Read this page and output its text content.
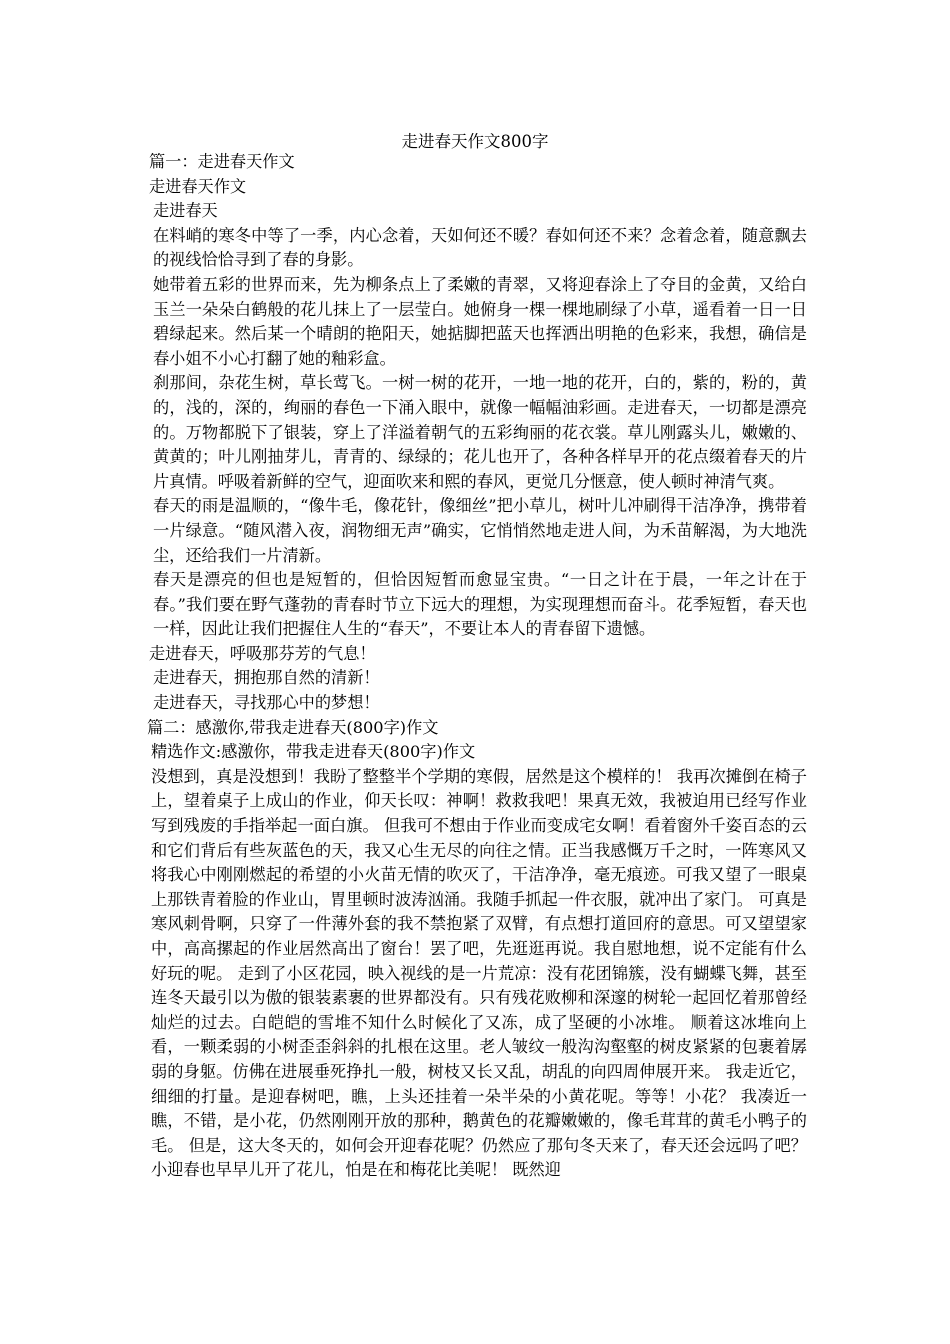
走进春天作文800字

篇一：走进春天作文

走进春天作文

走进春天

在料峭的寒冬中等了一季，内心念着，天如何还不暖？春如何还不来？念着念着，随意飘去的视线恰恰寻到了春的身影。

她带着五彩的世界而来，先为柳条点上了柔嫩的青翠，又将迎春涂上了夺目的金黄，又给白玉兰一朵朵白鹤般的花儿抹上了一层莹白。她俯身一棵一棵地刷绿了小草，遥看着一日一日碧绿起来。然后某一个晴朗的艳阳天，她掂脚把蓝天也挥洒出明艳的色彩来，我想，确信是春小姐不小心打翻了她的釉彩盒。

刹那间，杂花生树，草长莺飞。一树一树的花开，一地一地的花开，白的，紫的，粉的，黄的，浅的，深的，绚丽的春色一下涌入眼中，就像一幅幅油彩画。走进春天，一切都是漂亮的。万物都脱下了银装，穿上了洋溢着朝气的五彩绚丽的花衣裳。草儿刚露头儿，嫩嫩的、黄黄的；叶儿刚抽芽儿，青青的、绿绿的；花儿也开了，各种各样早开的花点缀着春天的片片真情。呼吸着新鲜的空气，迎面吹来和熙的春风，更觉几分惬意，使人顿时神清气爽。

春天的雨是温顺的，“像牛毛，像花针，像细丝”把小草儿，树叶儿冲刷得干洁净净，携带着一片绿意。“随风潜入夜，润物细无声”确实，它悄悄然地走进人间，为禾苗解渴，为大地洗尘，还给我们一片清新。

春天是漂亮的但也是短暂的，但恰因短暂而愈显宝贵。“一日之计在于晨，一年之计在于春。”我们要在野气蓬勃的青春时节立下远大的理想，为实现理想而奋斗。花季短暂，春天也一样，因此让我们把握住人生的“春天”，不要让本人的青春留下遗憾。

走进春天，呼吸那芬芳的气息！

走进春天，拥抱那自然的清新！

走进春天，寻找那心中的梦想！

篇二：感激你,带我走进春天(800字)作文

精选作文:感激你，带我走进春天(800字)作文

没想到，真是没想到！我盼了整整半个学期的寒假，居然是这个模样的！ 我再次摊倒在椅子上，望着桌子上成山的作业，仰天长叹：神啊！救救我吧！果真无效，我被迫用已经写作业写到残废的手指举起一面白旗。 但我可不想由于作业而变成宅女啊！看着窗外千姿百态的云和它们背后有些灰蓝色的天，我又心生无尽的向往之情。正当我感慨万千之时，一阵寒风又将我心中刚刚燃起的希望的小火苗无情的吹灭了，干洁净净，毫无痕迹。可我又望了一眼桌上那铁青着脸的作业山，胃里顿时波涛汹涌。我随手抓起一件衣服，就冲出了家门。 可真是寒风刺骨啊，只穿了一件薄外套的我不禁抱紧了双臂，有点想打道回府的意思。可又望望家中，高高摞起的作业居然高出了窗台！罢了吧，先逛逛再说。我自慰地想，说不定能有什么好玩的呢。 走到了小区花园，映入视线的是一片荒凉：没有花团锦簇，没有蝴蝶飞舞，甚至连冬天最引以为傲的银装素裹的世界都没有。只有残花败柳和深邃的树轮一起回忆着那曾经灿烂的过去。白皑皑的雪堆不知什么时候化了又冻，成了坚硬的小冰堆。 顺着这冰堆向上看，一颗柔弱的小树歪歪斜斜的扎根在这里。老人皱纹一般沟沟壑壑的树皮紧紧的包裹着孱弱的身躯。仿佛在进展垂死挣扎一般，树枝又长又乱，胡乱的向四周伸展开来。 我走近它，细细的打量。是迎春树吧，瞧，上头还挂着一朵半朵的小黄花呢。等等！小花？ 我凑近一瞧，不错，是小花，仍然刚刚开放的那种，鹅黄色的花瓣嫩嫩的，像毛茸茸的黄毛小鸭子的毛。 但是，这大冬天的，如何会开迎春花呢？仍然应了那句冬天来了，春天还会远吗了吧？小迎春也早早儿开了花儿，怕是在和梅花比美呢！ 既然迎
